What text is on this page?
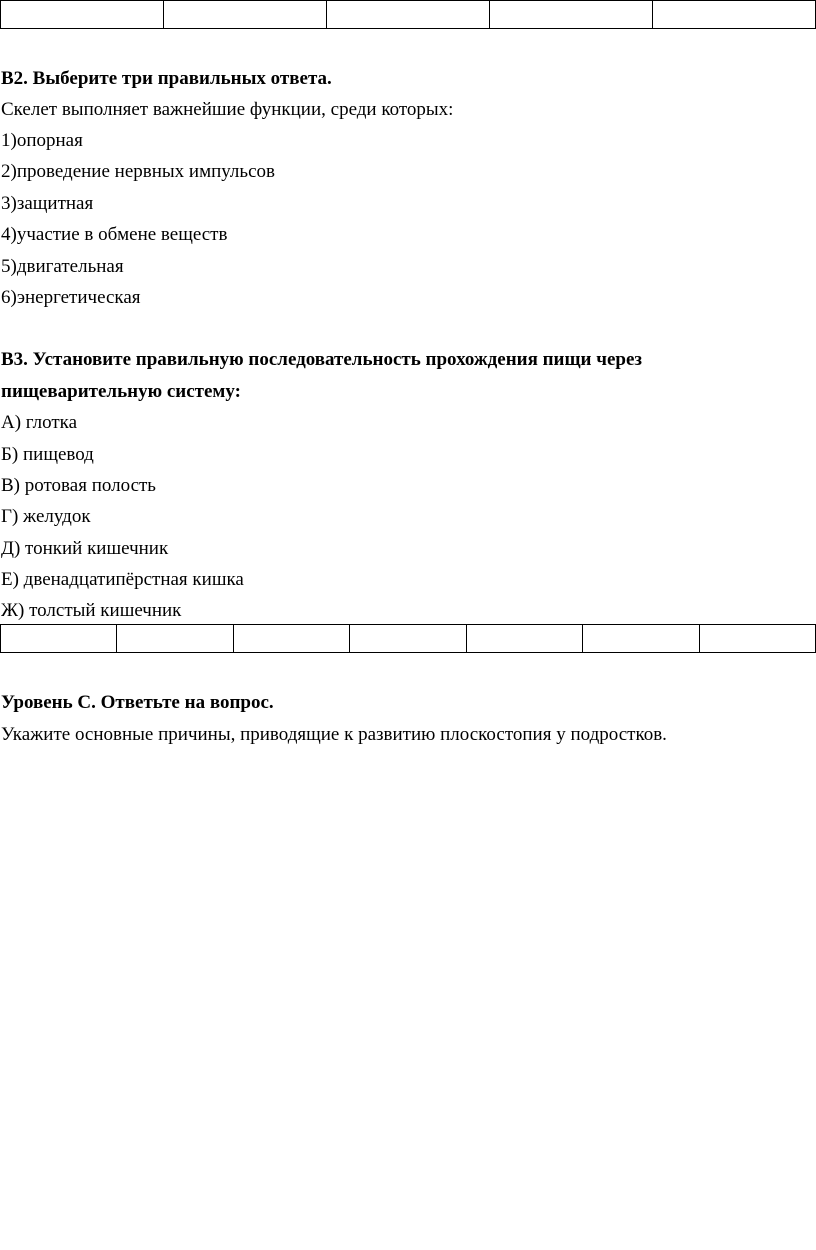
В2. Выберите три правильных ответа.
Скелет выполняет важнейшие функции, среди которых:
1)опорная
2)проведение нервных импульсов
3)защитная
4)участие в обмене веществ
5)двигательная
6)энергетическая
В3. Установите правильную последовательность прохождения пищи через
пищеварительную систему:
А) глотка
Б) пищевод
В) ротовая полость
Г) желудок
Д) тонкий кишечник
Е) двенадцатипёрстная кишка
Ж) толстый кишечник

Уровень С. Ответьте на вопрос.
Укажите основные причины, приводящие к развитию плоскостопия у подростков.
